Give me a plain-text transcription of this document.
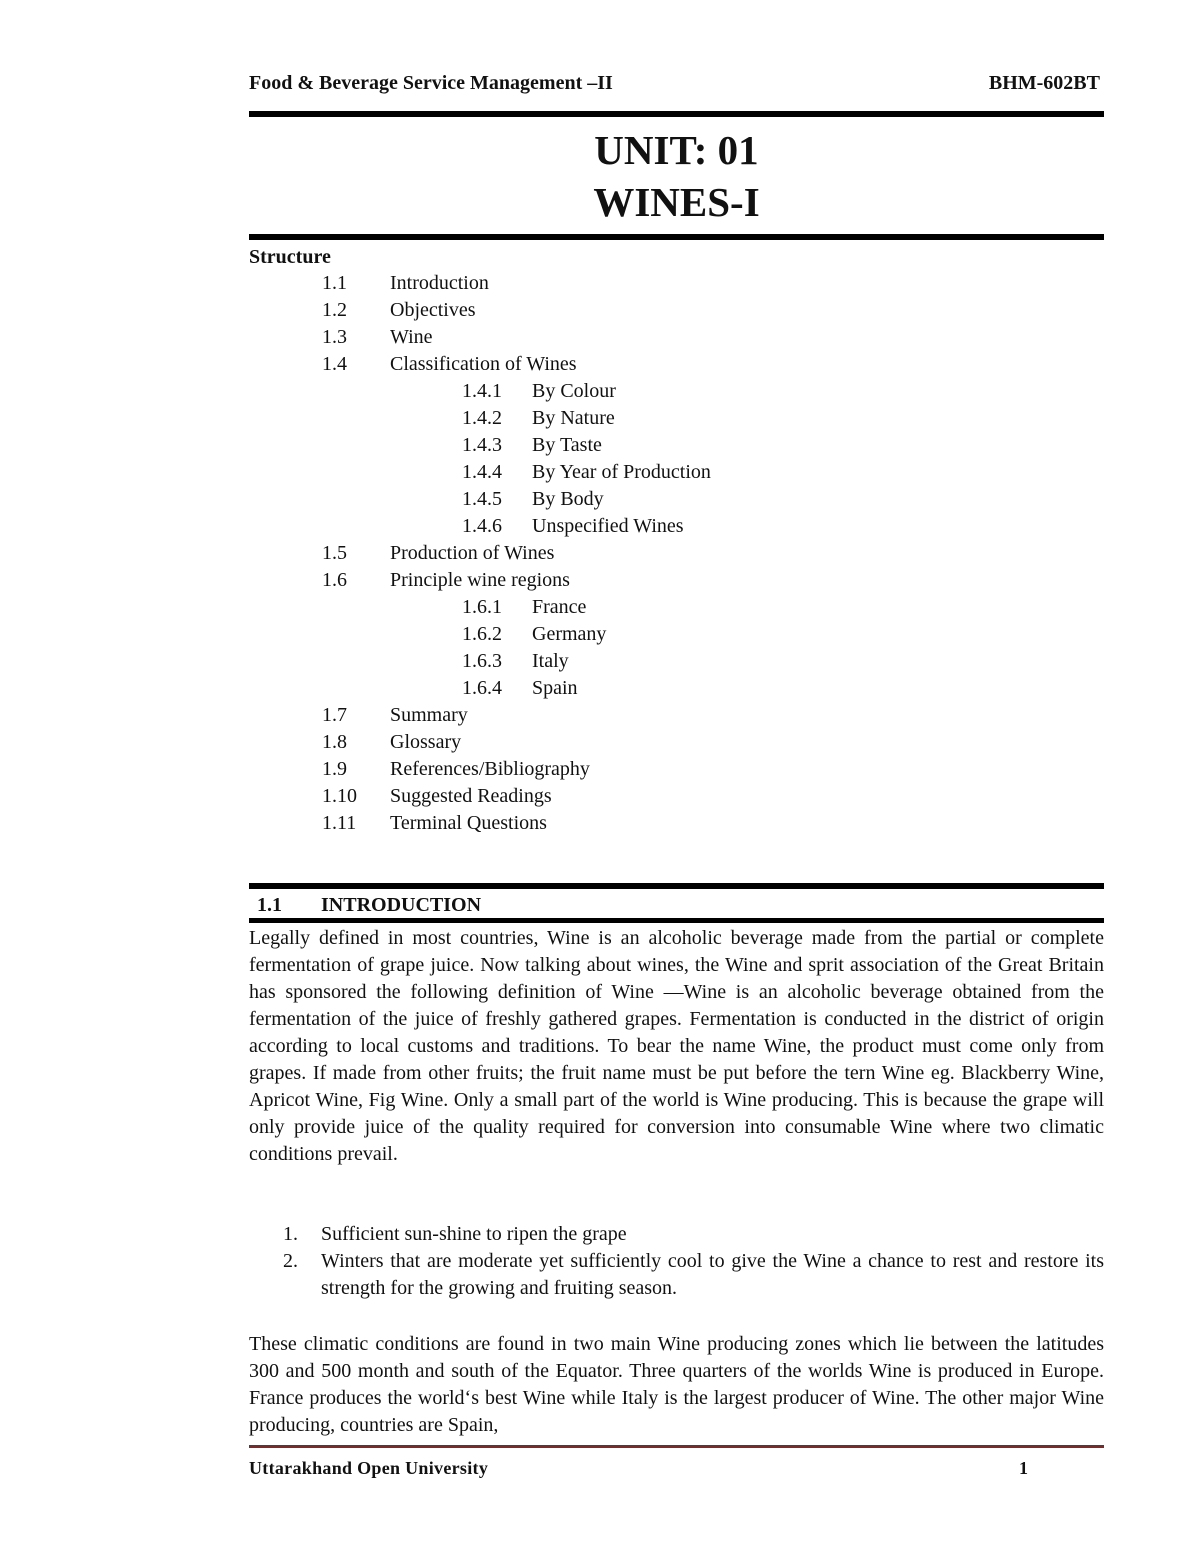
Food & Beverage Service Management –II	BHM-602BT
UNIT: 01
WINES-I
Structure
1.1 Introduction
1.2 Objectives
1.3 Wine
1.4 Classification of Wines
1.4.1 By Colour
1.4.2 By Nature
1.4.3 By Taste
1.4.4 By Year of Production
1.4.5 By Body
1.4.6 Unspecified Wines
1.5 Production of Wines
1.6 Principle wine regions
1.6.1 France
1.6.2 Germany
1.6.3 Italy
1.6.4 Spain
1.7 Summary
1.8 Glossary
1.9 References/Bibliography
1.10 Suggested Readings
1.11 Terminal Questions
1.1 INTRODUCTION

Legally defined in most countries, Wine is an alcoholic beverage made from the partial or complete fermentation of grape juice. Now talking about wines, the Wine and sprit association of the Great Britain has sponsored the following definition of Wine ―Wine is an alcoholic beverage obtained from the fermentation of the juice of freshly gathered grapes. Fermentation is conducted in the district of origin according to local customs and traditions. To bear the name Wine, the product must come only from grapes. If made from other fruits; the fruit name must be put before the tern Wine eg. Blackberry Wine, Apricot Wine, Fig Wine. Only a small part of the world is Wine producing. This is because the grape will only provide juice of the quality required for conversion into consumable Wine where two climatic conditions prevail.

1. Sufficient sun-shine to ripen the grape
2. Winters that are moderate yet sufficiently cool to give the Wine a chance to rest and restore its strength for the growing and fruiting season.

These climatic conditions are found in two main Wine producing zones which lie between the latitudes 300 and 500 month and south of the Equator. Three quarters of the worlds Wine is produced in Europe. France produces the world‘s best Wine while Italy is the largest producer of Wine. The other major Wine producing, countries are Spain,

Uttarakhand Open University	1
